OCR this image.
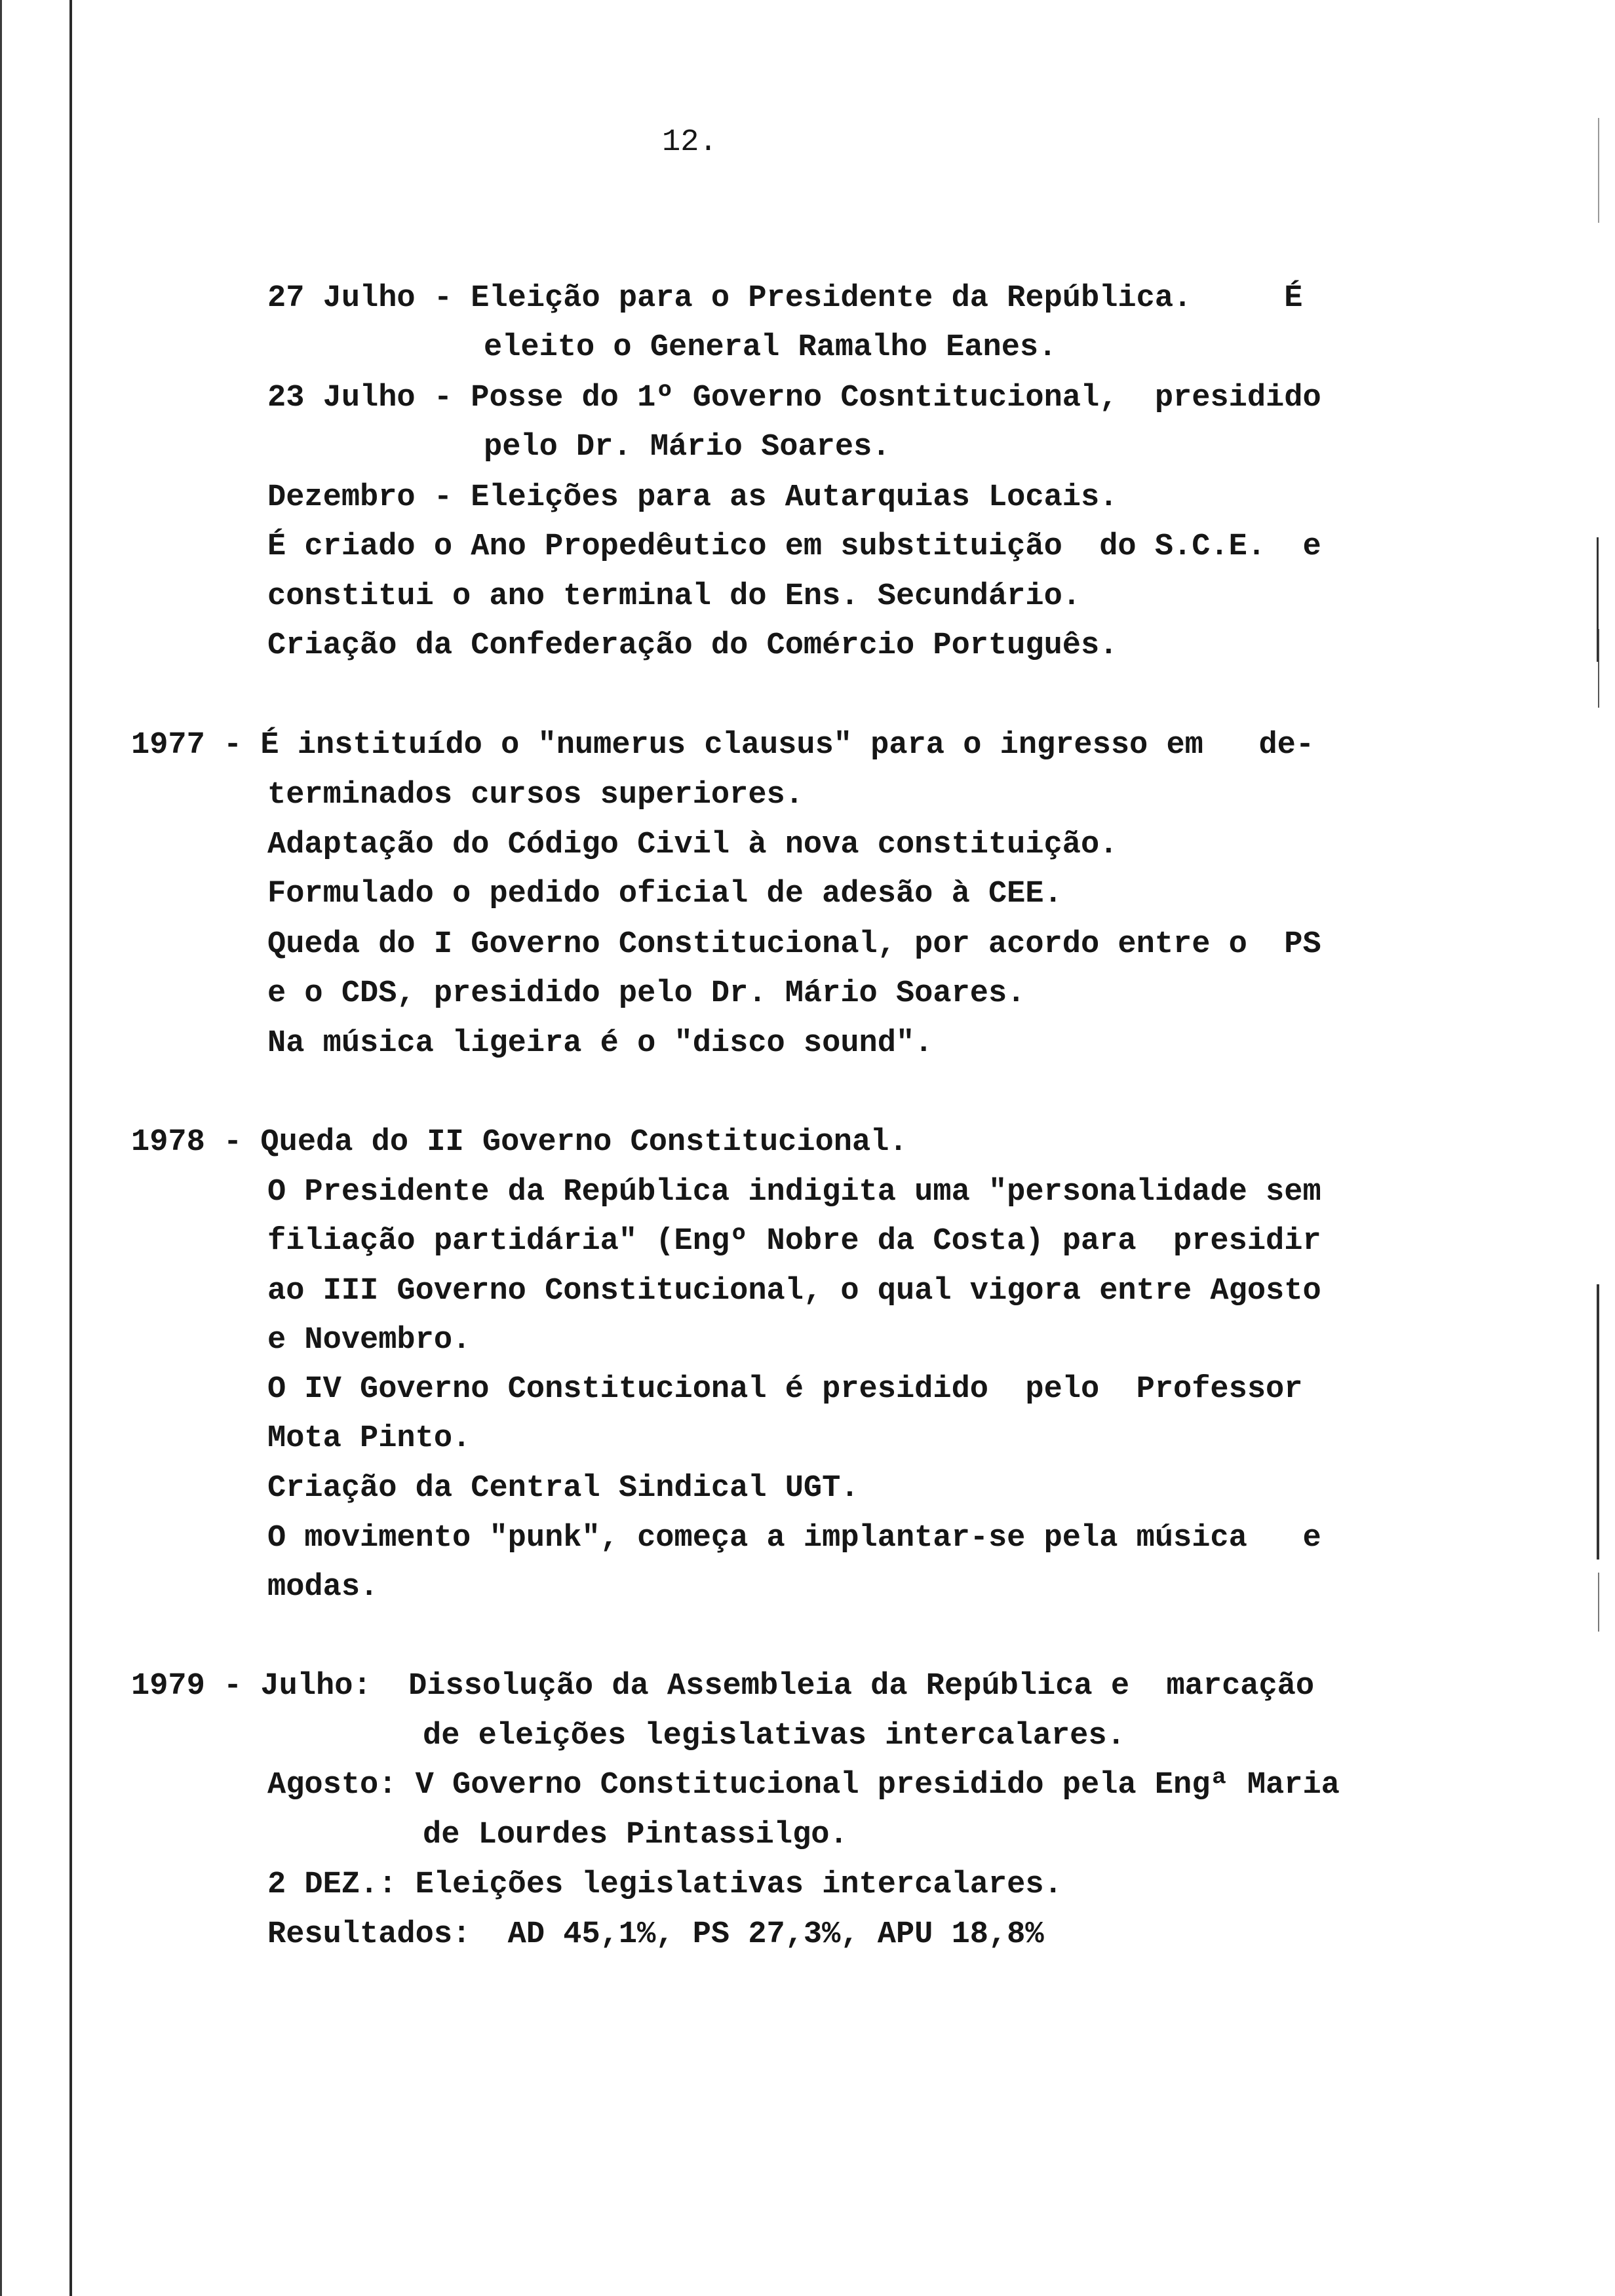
12.
27 Julho - Eleição para o Presidente da República.     É
eleito o General Ramalho Eanes.
23 Julho - Posse do 1º Governo Cosntitucional,  presidido
pelo Dr. Mário Soares.
Dezembro - Eleições para as Autarquias Locais.
É criado o Ano Propedêutico em substituição  do S.C.E.  e
constitui o ano terminal do Ens. Secundário.
Criação da Confederação do Comércio Português.
1977 - É instituído o "numerus clausus" para o ingresso em   de-
terminados cursos superiores.
Adaptação do Código Civil à nova constituição.
Formulado o pedido oficial de adesão à CEE.
Queda do I Governo Constitucional, por acordo entre o  PS
e o CDS, presidido pelo Dr. Mário Soares.
Na música ligeira é o "disco sound".
1978 - Queda do II Governo Constitucional.
O Presidente da República indigita uma "personalidade sem
filiação partidária" (Engº Nobre da Costa) para  presidir
ao III Governo Constitucional, o qual vigora entre Agosto
e Novembro.
O IV Governo Constitucional é presidido  pelo  Professor
Mota Pinto.
Criação da Central Sindical UGT.
O movimento "punk", começa a implantar-se pela música   e
modas.
1979 - Julho:  Dissolução da Assembleia da República e  marcação
de eleições legislativas intercalares.
Agosto: V Governo Constitucional presidido pela Engª Maria
de Lourdes Pintassilgo.
2 DEZ.: Eleições legislativas intercalares.
Resultados:  AD 45,1%, PS 27,3%, APU 18,8%
